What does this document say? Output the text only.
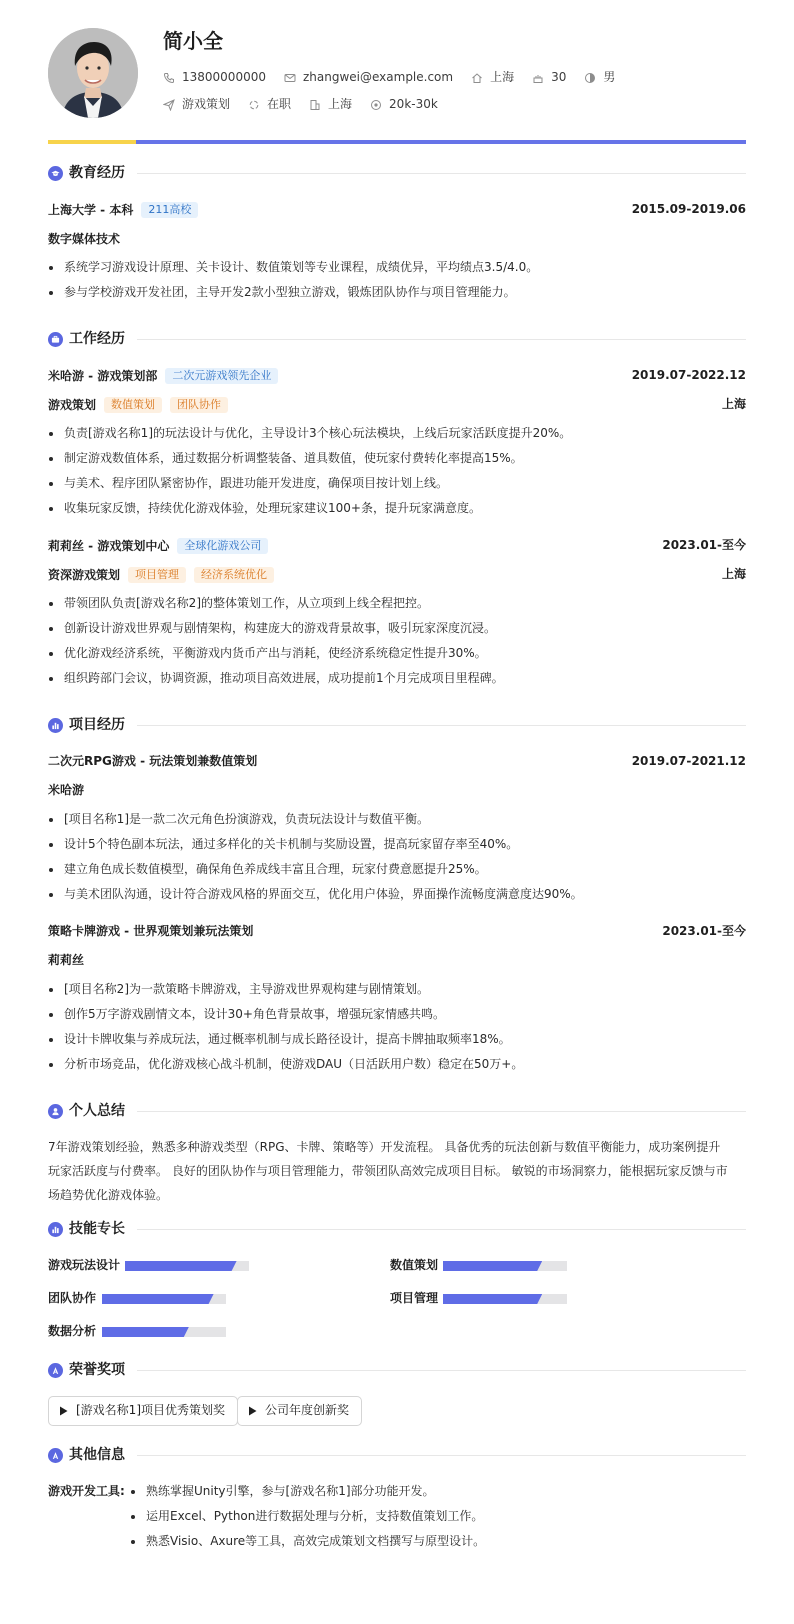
简小全
13800000000	zhangwei@example.com	上海	30	男
游戏策划	在职	上海	20k-30k
教育经历
上海大学 - 本科 211高校	2015.09-2019.06
数字媒体技术
系统学习游戏设计原理、关卡设计、数值策划等专业课程，成绩优异，平均绩点3.5/4.0。
参与学校游戏开发社团，主导开发2款小型独立游戏，锻炼团队协作与项目管理能力。
工作经历
米哈游 - 游戏策划部 二次元游戏领先企业	2019.07-2022.12
游戏策划 数值策划 团队协作	上海
负责[游戏名称1]的玩法设计与优化，主导设计3个核心玩法模块，上线后玩家活跃度提升20%。
制定游戏数值体系，通过数据分析调整装备、道具数值，使玩家付费转化率提高15%。
与美术、程序团队紧密协作，跟进功能开发进度，确保项目按计划上线。
收集玩家反馈，持续优化游戏体验，处理玩家建议100+条，提升玩家满意度。
莉莉丝 - 游戏策划中心 全球化游戏公司	2023.01-至今
资深游戏策划 项目管理 经济系统优化	上海
带领团队负责[游戏名称2]的整体策划工作，从立项到上线全程把控。
创新设计游戏世界观与剧情架构，构建庞大的游戏背景故事，吸引玩家深度沉浸。
优化游戏经济系统，平衡游戏内货币产出与消耗，使经济系统稳定性提升30%。
组织跨部门会议，协调资源，推动项目高效进展，成功提前1个月完成项目里程碑。
项目经历
二次元RPG游戏 - 玩法策划兼数值策划	2019.07-2021.12
米哈游
[项目名称1]是一款二次元角色扮演游戏，负责玩法设计与数值平衡。
设计5个特色副本玩法，通过多样化的关卡机制与奖励设置，提高玩家留存率至40%。
建立角色成长数值模型，确保角色养成线丰富且合理，玩家付费意愿提升25%。
与美术团队沟通，设计符合游戏风格的界面交互，优化用户体验，界面操作流畅度满意度达90%。
策略卡牌游戏 - 世界观策划兼玩法策划	2023.01-至今
莉莉丝
[项目名称2]为一款策略卡牌游戏，主导游戏世界观构建与剧情策划。
创作5万字游戏剧情文本，设计30+角色背景故事，增强玩家情感共鸣。
设计卡牌收集与养成玩法，通过概率机制与成长路径设计，提高卡牌抽取频率18%。
分析市场竞品，优化游戏核心战斗机制，使游戏DAU（日活跃用户数）稳定在50万+。
个人总结
7年游戏策划经验，熟悉多种游戏类型（RPG、卡牌、策略等）开发流程。 具备优秀的玩法创新与数值平衡能力，成功案例提升玩家活跃度与付费率。 良好的团队协作与项目管理能力，带领团队高效完成项目目标。 敏锐的市场洞察力，能根据玩家反馈与市场趋势优化游戏体验。
技能专长
游戏玩法设计	数值策划
团队协作	项目管理
数据分析
荣誉奖项
[游戏名称1]项目优秀策划奖	公司年度创新奖
其他信息
游戏开发工具:	熟练掌握Unity引擎，参与[游戏名称1]部分功能开发。
运用Excel、Python进行数据处理与分析，支持数值策划工作。
熟悉Visio、Axure等工具，高效完成策划文档撰写与原型设计。
